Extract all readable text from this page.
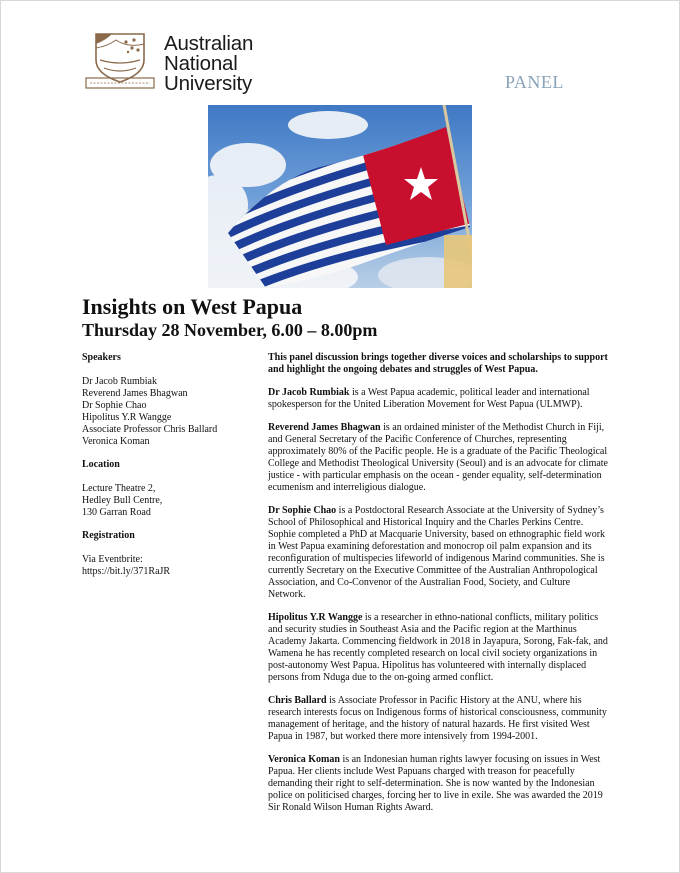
Australian
National
University	PANEL
Insights on West Papua
Thursday 28 November, 6.00 – 8.00pm
Speakers
Dr Jacob Rumbiak
Reverend James Bhagwan
Dr Sophie Chao
Hipolitus Y.R Wangge
Associate Professor Chris Ballard
Veronica Koman
Location
Lecture Theatre 2,
Hedley Bull Centre,
130 Garran Road
Registration
Via Eventbrite:
https://bit.ly/371RaJR

This panel discussion brings together diverse voices and scholarships to support and highlight the ongoing debates and struggles of West Papua.

Dr Jacob Rumbiak is a West Papua academic, political leader and international spokesperson for the United Liberation Movement for West Papua (ULMWP).

Reverend James Bhagwan is an ordained minister of the Methodist Church in Fiji, and General Secretary of the Pacific Conference of Churches, representing approximately 80% of the Pacific people. He is a graduate of the Pacific Theological College and Methodist Theological University (Seoul) and is an advocate for climate justice - with particular emphasis on the ocean - gender equality, self-determination ecumenism and interreligious dialogue.

Dr Sophie Chao is a Postdoctoral Research Associate at the University of Sydney’s School of Philosophical and Historical Inquiry and the Charles Perkins Centre. Sophie completed a PhD at Macquarie University, based on ethnographic field work in West Papua examining deforestation and monocrop oil palm expansion and its reconfiguration of multispecies lifeworld of indigenous Marind communities. She is currently Secretary on the Executive Committee of the Australian Anthropological Association, and Co-Convenor of the Australian Food, Society, and Culture Network.

Hipolitus Y.R Wangge is a researcher in ethno-national conflicts, military politics and security studies in Southeast Asia and the Pacific region at the Marthinus Academy Jakarta. Commencing fieldwork in 2018 in Jayapura, Sorong, Fak-fak, and Wamena he has recently completed research on local civil society organizations in post-autonomy West Papua. Hipolitus has volunteered with internally displaced persons from Nduga due to the on-going armed conflict.

Chris Ballard is Associate Professor in Pacific History at the ANU, where his research interests focus on Indigenous forms of historical consciousness, community management of heritage, and the history of natural hazards. He first visited West Papua in 1987, but worked there more intensively from 1994-2001.

Veronica Koman is an Indonesian human rights lawyer focusing on issues in West Papua. Her clients include West Papuans charged with treason for peacefully demanding their right to self-determination. She is now wanted by the Indonesian police on politicised charges, forcing her to live in exile. She was awarded the 2019 Sir Ronald Wilson Human Rights Award.
